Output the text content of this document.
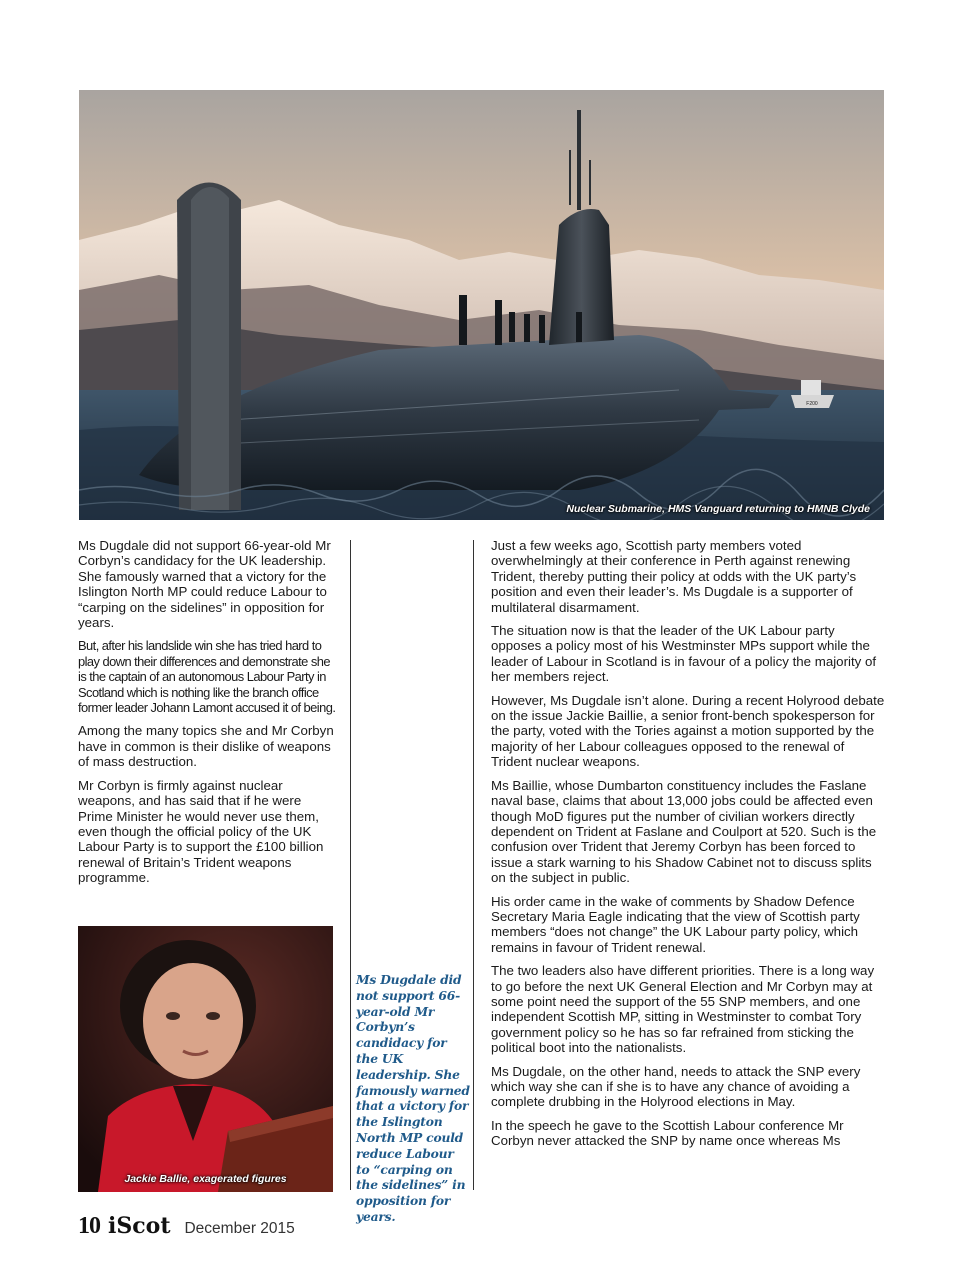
F200
Nuclear Submarine, HMS Vanguard returning to HMNB Clyde

Ms Dugdale did not support 66-year-old Mr Corbyn’s candidacy for the UK leadership. She famously warned that a victory for the Islington North MP could reduce Labour to “carping on the sidelines” in opposition for years.

But, after his landslide win she has tried hard to play down their differences and demonstrate she is the captain of an autonomous Labour Party in Scotland which is nothing like the branch office former leader Johann Lamont accused it of being.

Among the many topics she and Mr Corbyn have in common is their dislike of weapons of mass destruction.

Mr Corbyn is firmly against nuclear weapons, and has said that if he were Prime Minister he would never use them, even though the official policy of the UK Labour Party is to support the £100 billion renewal of Britain’s Trident weapons programme.

Jackie Ballie, exagerated figures
Ms Dugdale did not support 66-year-old Mr Corbyn’s candidacy for the UK leadership. She famously warned that a victory for the Islington North MP could reduce Labour to “carping on the sidelines” in opposition for years.

Just a few weeks ago, Scottish party members voted overwhelmingly at their conference in Perth against renewing Trident, thereby putting their policy at odds with the UK party’s position and even their leader’s. Ms Dugdale is a supporter of multilateral disarmament.

The situation now is that the leader of the UK Labour party opposes a policy most of his Westminster MPs support while the leader of Labour in Scotland is in favour of a policy the majority of her members reject.

However, Ms Dugdale isn’t alone. During a recent Holyrood debate on the issue Jackie Baillie, a senior front-bench spokesperson for the party, voted with the Tories against a motion supported by the majority of her Labour colleagues opposed to the renewal of Trident nuclear weapons.

Ms Baillie, whose Dumbarton constituency includes the Faslane naval base, claims that about 13,000 jobs could be affected even though MoD figures put the number of civilian workers directly dependent on Trident at Faslane and Coulport at 520. Such is the confusion over Trident that Jeremy Corbyn has been forced to issue a stark warning to his Shadow Cabinet not to discuss splits on the subject in public.

His order came in the wake of comments by Shadow Defence Secretary Maria Eagle indicating that the view of Scottish party members “does not change” the UK Labour party policy, which remains in favour of Trident renewal.

The two leaders also have different priorities. There is a long way to go before the next UK General Election and Mr Corbyn may at some point need the support of the 55 SNP members, and one independent Scottish MP, sitting in Westminster to combat Tory government policy so he has so far refrained from sticking the political boot into the nationalists.

Ms Dugdale, on the other hand, needs to attack the SNP every which way she can if she is to have any chance of avoiding a complete drubbing in the Holyrood elections in May.

In the speech he gave to the Scottish Labour conference Mr Corbyn never attacked the SNP by name once whereas Ms

10 iScot December 2015
